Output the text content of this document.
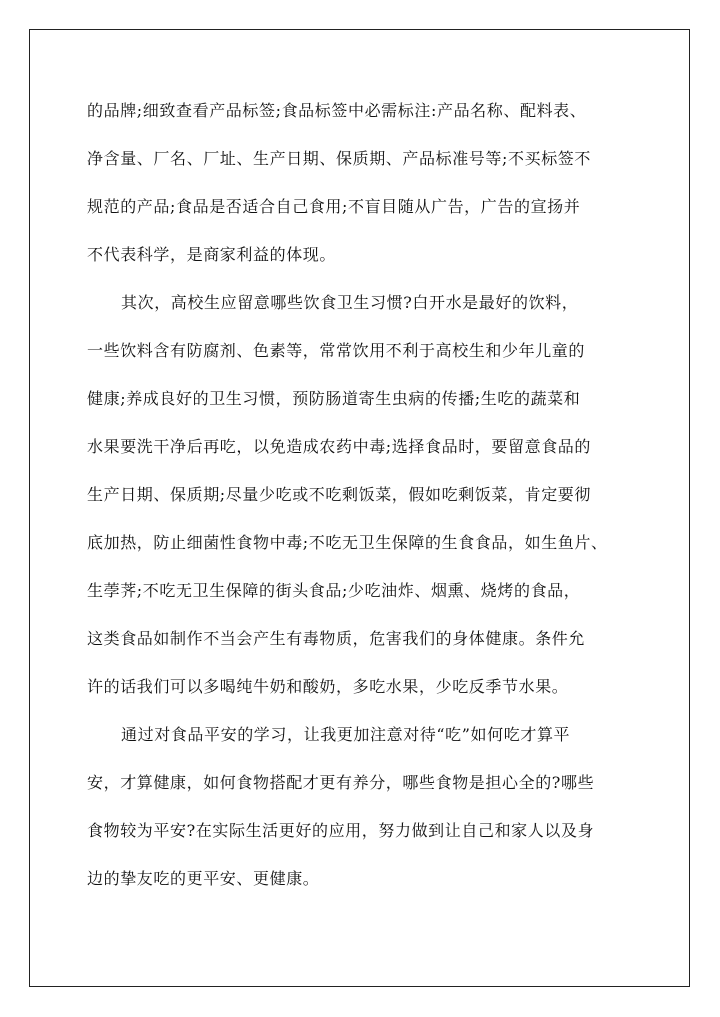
的品牌;细致查看产品标签;食品标签中必需标注:产品名称、配料表、
净含量、厂名、厂址、生产日期、保质期、产品标准号等;不买标签不
规范的产品;食品是否适合自己食用;不盲目随从广告，广告的宣扬并
不代表科学，是商家利益的体现。
其次，高校生应留意哪些饮食卫生习惯?白开水是最好的饮料，
一些饮料含有防腐剂、色素等，常常饮用不利于高校生和少年儿童的
健康;养成良好的卫生习惯，预防肠道寄生虫病的传播;生吃的蔬菜和
水果要洗干净后再吃，以免造成农药中毒;选择食品时，要留意食品的
生产日期、保质期;尽量少吃或不吃剩饭菜，假如吃剩饭菜，肯定要彻
底加热，防止细菌性食物中毒;不吃无卫生保障的生食食品，如生鱼片、
生荸荠;不吃无卫生保障的街头食品;少吃油炸、烟熏、烧烤的食品，
这类食品如制作不当会产生有毒物质，危害我们的身体健康。条件允
许的话我们可以多喝纯牛奶和酸奶，多吃水果，少吃反季节水果。
通过对食品平安的学习，让我更加注意对待“吃”如何吃才算平
安，才算健康，如何食物搭配才更有养分，哪些食物是担心全的?哪些
食物较为平安?在实际生活更好的应用，努力做到让自己和家人以及身
边的挚友吃的更平安、更健康。
